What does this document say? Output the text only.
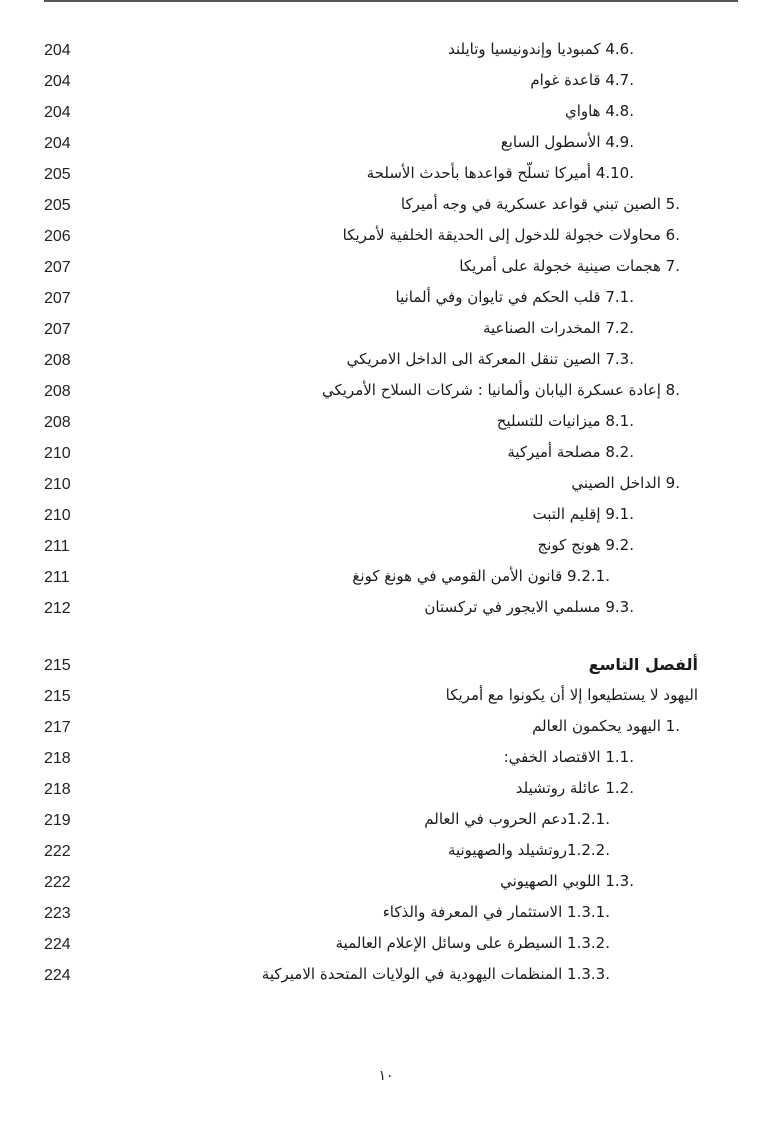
.4.6 كمبوديا وإندونيسيا وتايلند
204
.4.7 قاعدة غوام
204
.4.8 هاواي
204
.4.9 الأسطول السابع
204
.4.10 أميركا تسلّح قواعدها بأحدث الأسلحة
205
.5 الصين تبني قواعد عسكرية في وجه أميركا
205
.6 محاولات خجولة للدخول إلى الحديقة الخلفية لأمريكا
206
.7 هجمات صينية خجولة على أمريكا
207
.7.1 قلب الحكم في تايوان وفي ألمانيا
207
.7.2 المخدرات الصناعية
207
.7.3 الصين تنقل المعركة الى الداخل الامريكي
208
.8 إعادة عسكرة اليابان وألمانيا : شركات السلاح الأمريكي
208
.8.1 ميزانيات للتسليح
208
.8.2 مصلحة أميركية
210
.9 الداخل الصيني
210
.9.1 إقليم التبت
210
.9.2 هونج كونج
211
.9.2.1 قانون الأمن القومي في هونغ كونغ
211
.9.3 مسلمي الايجور في تركستان
212
ألفصل التاسع
215
اليهود لا يستطيعوا إلا أن يكونوا مع أمريكا
215
.1 اليهود يحكمون العالم
217
.1.1 الاقتصاد الخفي:
218
.1.2 عائلة روتشيلد
218
.1.2.1دعم الحروب في العالم
219
.1.2.2روتشيلد والصهيونية
222
.1.3 اللوبي الصهيوني
222
.1.3.1 الاستثمار في المعرفة والذكاء
223
.1.3.2 السيطرة على وسائل الإعلام العالمية
224
.1.3.3 المنظمات اليهودية في الولايات المتحدة الاميركية
224
١٠
